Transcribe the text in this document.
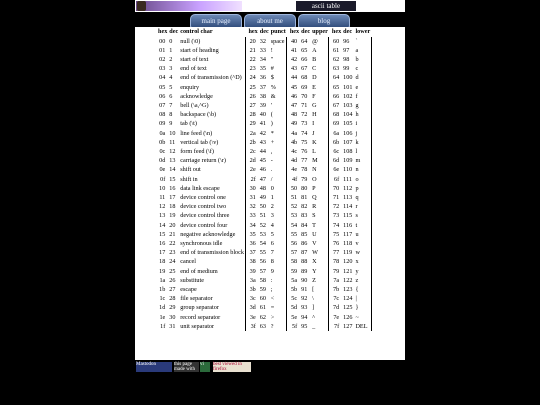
ascii table
main page	about me	blog
hex	dec	control char		hex	dec	punct		hex	dec	upper		hex	dec	lower	
00	0	null (\0)		20	32	space		40	64	@		60	96	`	
01	1	start of heading		21	33	!		41	65	A		61	97	a	
02	2	start of text		22	34	"		42	66	B		62	98	b	
03	3	end of text		23	35	#		43	67	C		63	99	c	
04	4	end of transmission (^D)		24	36	$		44	68	D		64	100	d	
05	5	enquiry		25	37	%		45	69	E		65	101	e	
06	6	acknowledge		26	38	&		46	70	F		66	102	f	
07	7	bell (\a,^G)		27	39	'		47	71	G		67	103	g	
08	8	backspace (\b)		28	40	(		48	72	H		68	104	h	
09	9	tab (\t)		29	41	)		49	73	I		69	105	i	
0a	10	line feed (\n)		2a	42	*		4a	74	J		6a	106	j	
0b	11	vertical tab (\v)		2b	43	+		4b	75	K		6b	107	k	
0c	12	form feed (\f)		2c	44	,		4c	76	L		6c	108	l	
0d	13	carriage return (\r)		2d	45	-		4d	77	M		6d	109	m	
0e	14	shift out		2e	46	.		4e	78	N		6e	110	n	
0f	15	shift in		2f	47	/		4f	79	O		6f	111	o	
10	16	data link escape		30	48	0		50	80	P		70	112	p	
11	17	device control one		31	49	1		51	81	Q		71	113	q	
12	18	device control two		32	50	2		52	82	R		72	114	r	
13	19	device control three		33	51	3		53	83	S		73	115	s	
14	20	device control four		34	52	4		54	84	T		74	116	t	
15	21	negative acknowledge		35	53	5		55	85	U		75	117	u	
16	22	synchronous idle		36	54	6		56	86	V		76	118	v	
17	23	end of transmission block		37	55	7		57	87	W		77	119	w	
18	24	cancel		38	56	8		58	88	X		78	120	x	
19	25	end of medium		39	57	9		59	89	Y		79	121	y	
1a	26	substitute		3a	58	:		5a	90	Z		7a	122	z	
1b	27	escape		3b	59	;		5b	91	[		7b	123	{	
1c	28	file separator		3c	60	<		5c	92	\		7c	124	|	
1d	29	group separator		3d	61	=		5d	93	]		7d	125	}	
1e	30	record separator		3e	62	>		5e	94	^		7e	126	~	
1f	31	unit separator		3f	63	?		5f	95	_		7f	127	DEL	
Mastodon	this page made with
vi	best viewed in firefox
